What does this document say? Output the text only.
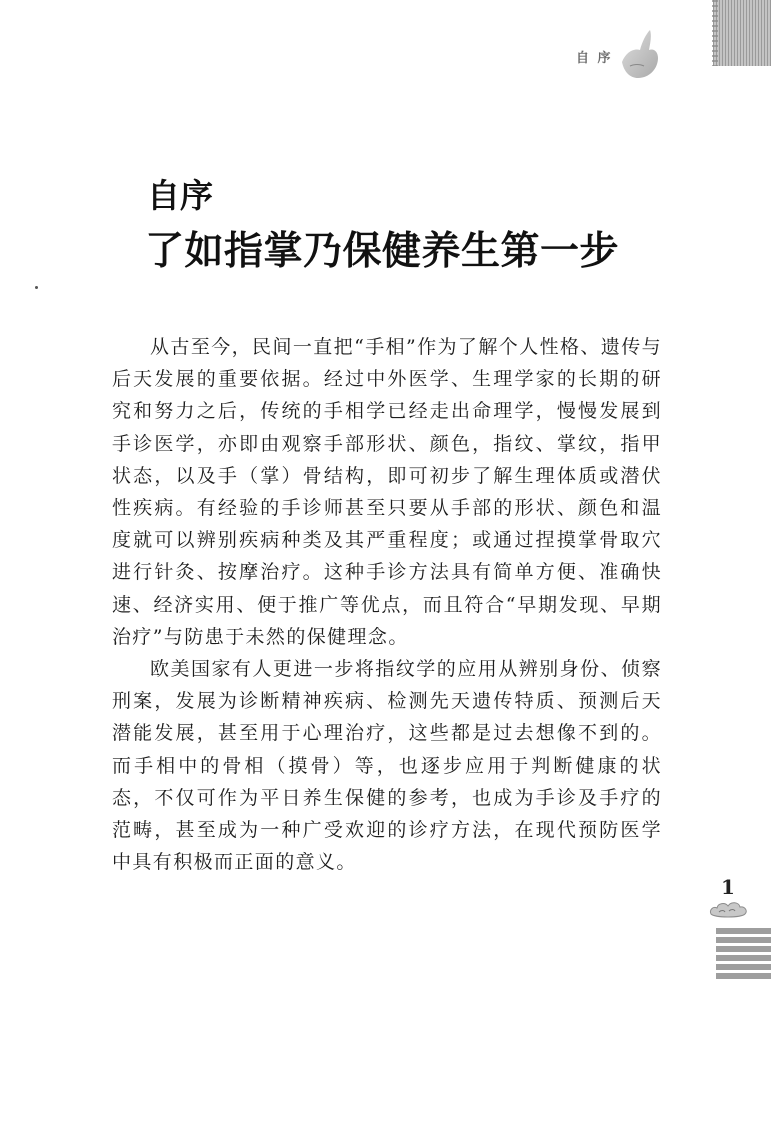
自 序
自序
了如指掌乃保健养生第一步

从古至今，民间一直把“手相”作为了解个人性格、遗传与后天发展的重要依据。经过中外医学、生理学家的长期的研究和努力之后，传统的手相学已经走出命理学，慢慢发展到手诊医学，亦即由观察手部形状、颜色，指纹、掌纹，指甲状态，以及手（掌）骨结构，即可初步了解生理体质或潜伏性疾病。有经验的手诊师甚至只要从手部的形状、颜色和温度就可以辨别疾病种类及其严重程度；或通过捏摸掌骨取穴进行针灸、按摩治疗。这种手诊方法具有简单方便、准确快速、经济实用、便于推广等优点，而且符合“早期发现、早期治疗”与防患于未然的保健理念。

欧美国家有人更进一步将指纹学的应用从辨别身份、侦察刑案，发展为诊断精神疾病、检测先天遗传特质、预测后天潜能发展，甚至用于心理治疗，这些都是过去想像不到的。而手相中的骨相（摸骨）等，也逐步应用于判断健康的状态，不仅可作为平日养生保健的参考，也成为手诊及手疗的范畴，甚至成为一种广受欢迎的诊疗方法，在现代预防医学中具有积极而正面的意义。

1
